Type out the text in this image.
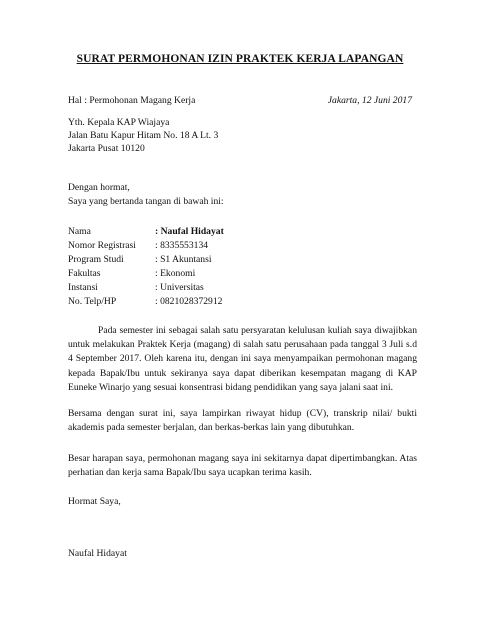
SURAT PERMOHONAN IZIN PRAKTEK KERJA LAPANGAN
Hal : Permohonan Magang Kerja	Jakarta, 12 Juni 2017
Yth. Kepala KAP Wiajaya
Jalan Batu Kapur Hitam No. 18 A Lt. 3
Jakarta Pusat 10120
Dengan hormat,
Saya yang bertanda tangan di bawah ini:
Nama	: Naufal Hidayat
Nomor Registrasi : 8335553134
Program Studi	: S1 Akuntansi
Fakultas	: Ekonomi
Instansi	: Universitas
No. Telp/HP	: 0821028372912
Pada semester ini sebagai salah satu persyaratan kelulusan kuliah saya diwajibkan untuk melakukan Praktek Kerja (magang) di salah satu perusahaan pada tanggal 3 Juli s.d 4 September 2017. Oleh karena itu, dengan ini saya menyampaikan permohonan magang kepada Bapak/Ibu untuk sekiranya saya dapat diberikan kesempatan magang di KAP Euneke Winarjo yang sesuai konsentrasi bidang pendidikan yang saya jalani saat ini.
Bersama dengan surat ini, saya lampirkan riwayat hidup (CV), transkrip nilai/ bukti akademis pada semester berjalan, dan berkas-berkas lain yang dibutuhkan.
Besar harapan saya, permohonan magang saya ini sekitarnya dapat dipertimbangkan. Atas perhatian dan kerja sama Bapak/Ibu saya ucapkan terima kasih.
Hormat Saya,
Naufal Hidayat
